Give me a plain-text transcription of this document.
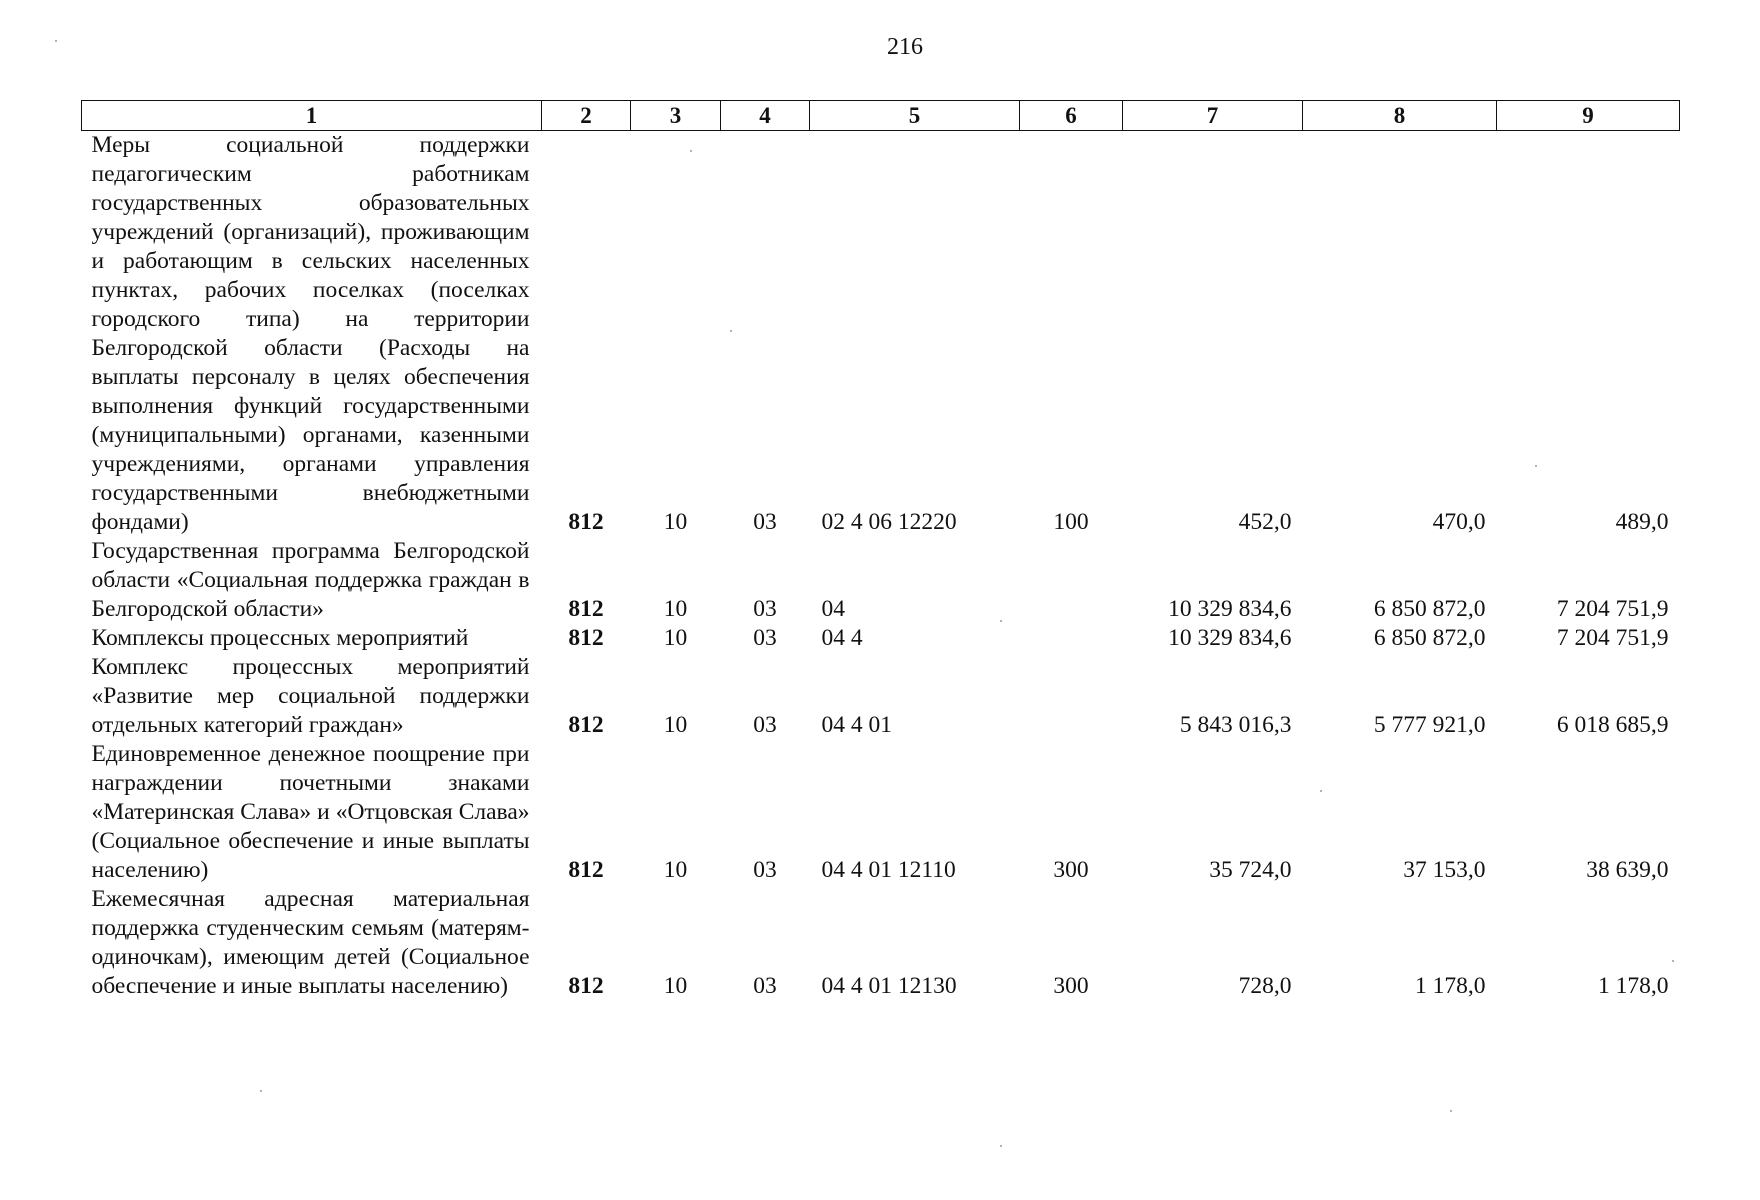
216
1	2	3	4	5	6	7	8	9
Меры социальной поддержки педагогическим работникам государственных образовательных учреждений (организаций), проживающим и работающим в сельских населенных пунктах, рабочих поселках (поселках городского типа) на территории Белгородской области (Расходы на выплаты персоналу в целях обеспечения выполнения функций государственными (муниципальными) органами, казенными учреждениями, органами управления государственными внебюджетными фондами)	812	10	03	02 4 06 12220	100	452,0	470,0	489,0
Государственная программа Белгородской области «Социальная поддержка граждан в Белгородской области»	812	10	03	04		10 329 834,6	6 850 872,0	7 204 751,9
Комплексы процессных мероприятий	812	10	03	04 4		10 329 834,6	6 850 872,0	7 204 751,9
Комплекс процессных мероприятий «Развитие мер социальной поддержки отдельных категорий граждан»	812	10	03	04 4 01		5 843 016,3	5 777 921,0	6 018 685,9
Единовременное денежное поощрение при награждении почетными знаками «Материнская Слава» и «Отцовская Слава» (Социальное обеспечение и иные выплаты населению)	812	10	03	04 4 01 12110	300	35 724,0	37 153,0	38 639,0
Ежемесячная адресная материальная поддержка студенческим семьям (матерям-одиночкам), имеющим детей (Социальное обеспечение и иные выплаты населению)	812	10	03	04 4 01 12130	300	728,0	1 178,0	1 178,0
